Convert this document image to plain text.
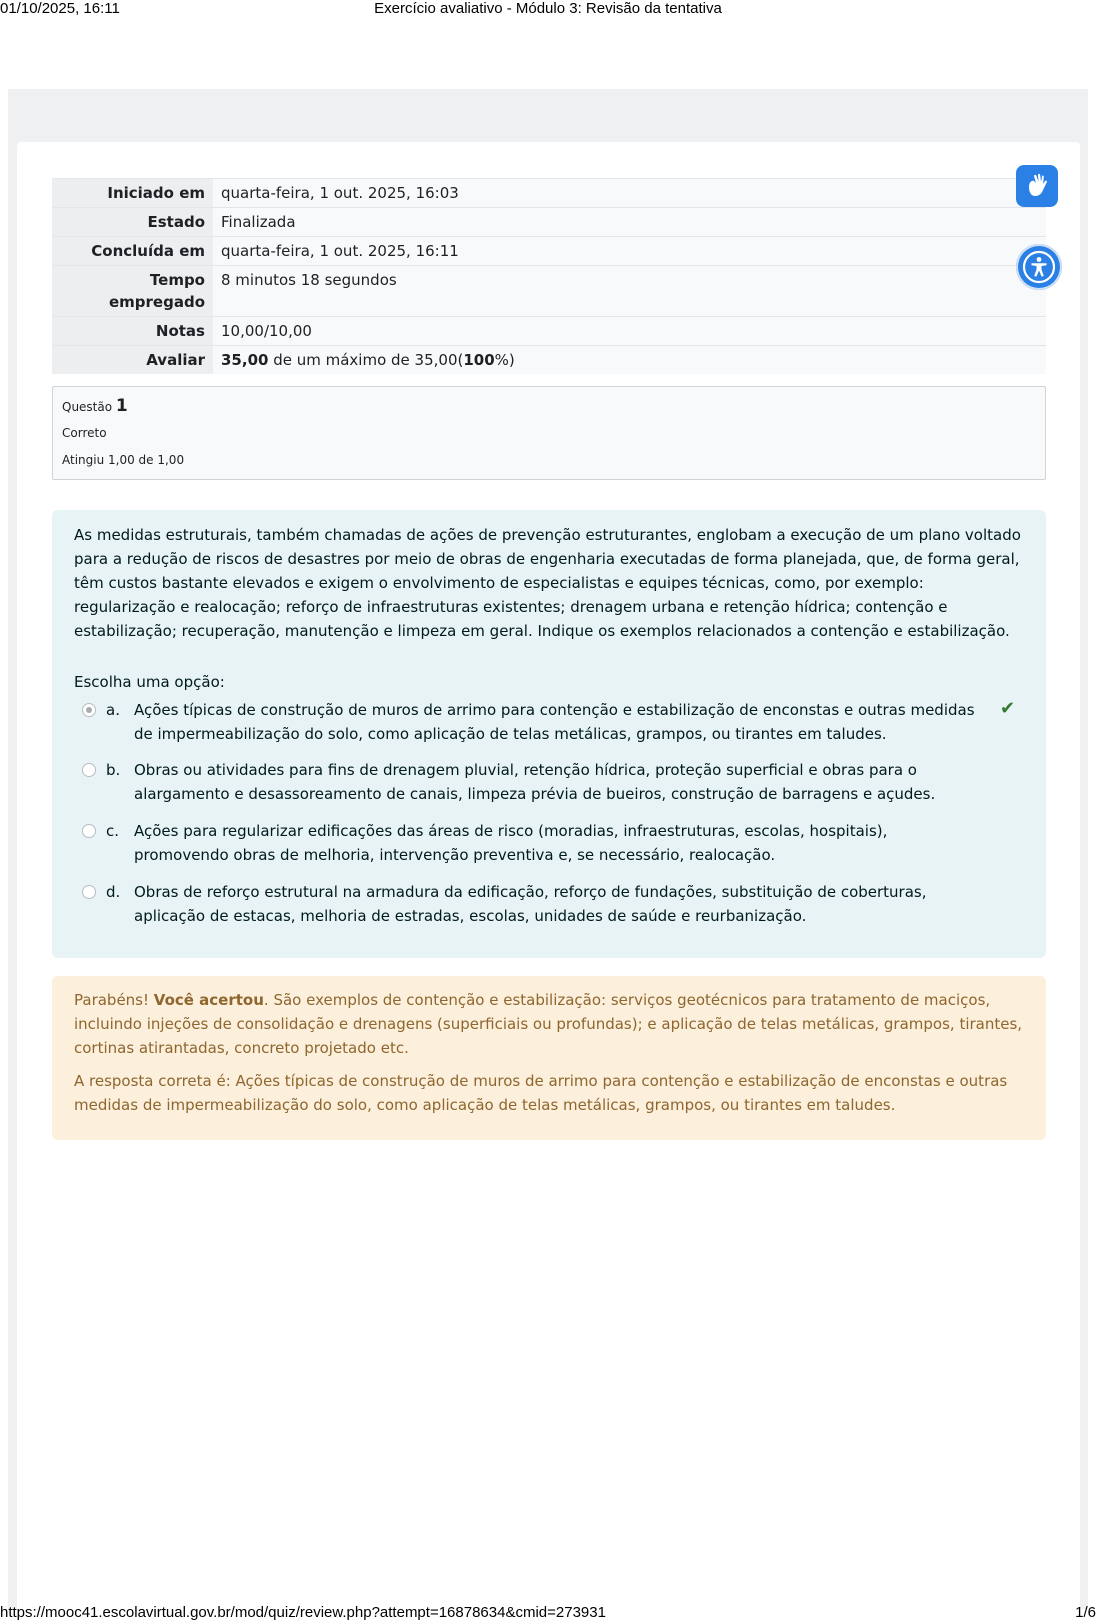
01/10/2025, 16:11	Exercício avaliativo - Módulo 3: Revisão da tentativa
Iniciado em	quarta-feira, 1 out. 2025, 16:03
Estado	Finalizada
Concluída em	quarta-feira, 1 out. 2025, 16:11
Tempo empregado	8 minutos 18 segundos
Notas	10,00/10,00
Avaliar	35,00 de um máximo de 35,00(100%)
Questão 1
Correto
Atingiu 1,00 de 1,00
As medidas estruturais, também chamadas de ações de prevenção estruturantes, englobam a execução de um plano voltado para a redução de riscos de desastres por meio de obras de engenharia executadas de forma planejada, que, de forma geral, têm custos bastante elevados e exigem o envolvimento de especialistas e equipes técnicas, como, por exemplo: regularização e realocação; reforço de infraestruturas existentes; drenagem urbana e retenção hídrica; contenção e estabilização; recuperação, manutenção e limpeza em geral. Indique os exemplos relacionados a contenção e estabilização.
Escolha uma opção:
a. Ações típicas de construção de muros de arrimo para contenção e estabilização de enconstas e outras medidas de impermeabilização do solo, como aplicação de telas metálicas, grampos, ou tirantes em taludes.
✔
b. Obras ou atividades para fins de drenagem pluvial, retenção hídrica, proteção superficial e obras para o alargamento e desassoreamento de canais, limpeza prévia de bueiros, construção de barragens e açudes.
c. Ações para regularizar edificações das áreas de risco (moradias, infraestruturas, escolas, hospitais), promovendo obras de melhoria, intervenção preventiva e, se necessário, realocação.
d. Obras de reforço estrutural na armadura da edificação, reforço de fundações, substituição de coberturas, aplicação de estacas, melhoria de estradas, escolas, unidades de saúde e reurbanização.
Parabéns! Você acertou. São exemplos de contenção e estabilização: serviços geotécnicos para tratamento de maciços, incluindo injeções de consolidação e drenagens (superficiais ou profundas); e aplicação de telas metálicas, grampos, tirantes, cortinas atirantadas, concreto projetado etc.
A resposta correta é: Ações típicas de construção de muros de arrimo para contenção e estabilização de enconstas e outras medidas de impermeabilização do solo, como aplicação de telas metálicas, grampos, ou tirantes em taludes.
https://mooc41.escolavirtual.gov.br/mod/quiz/review.php?attempt=16878634&cmid=273931	1/6
